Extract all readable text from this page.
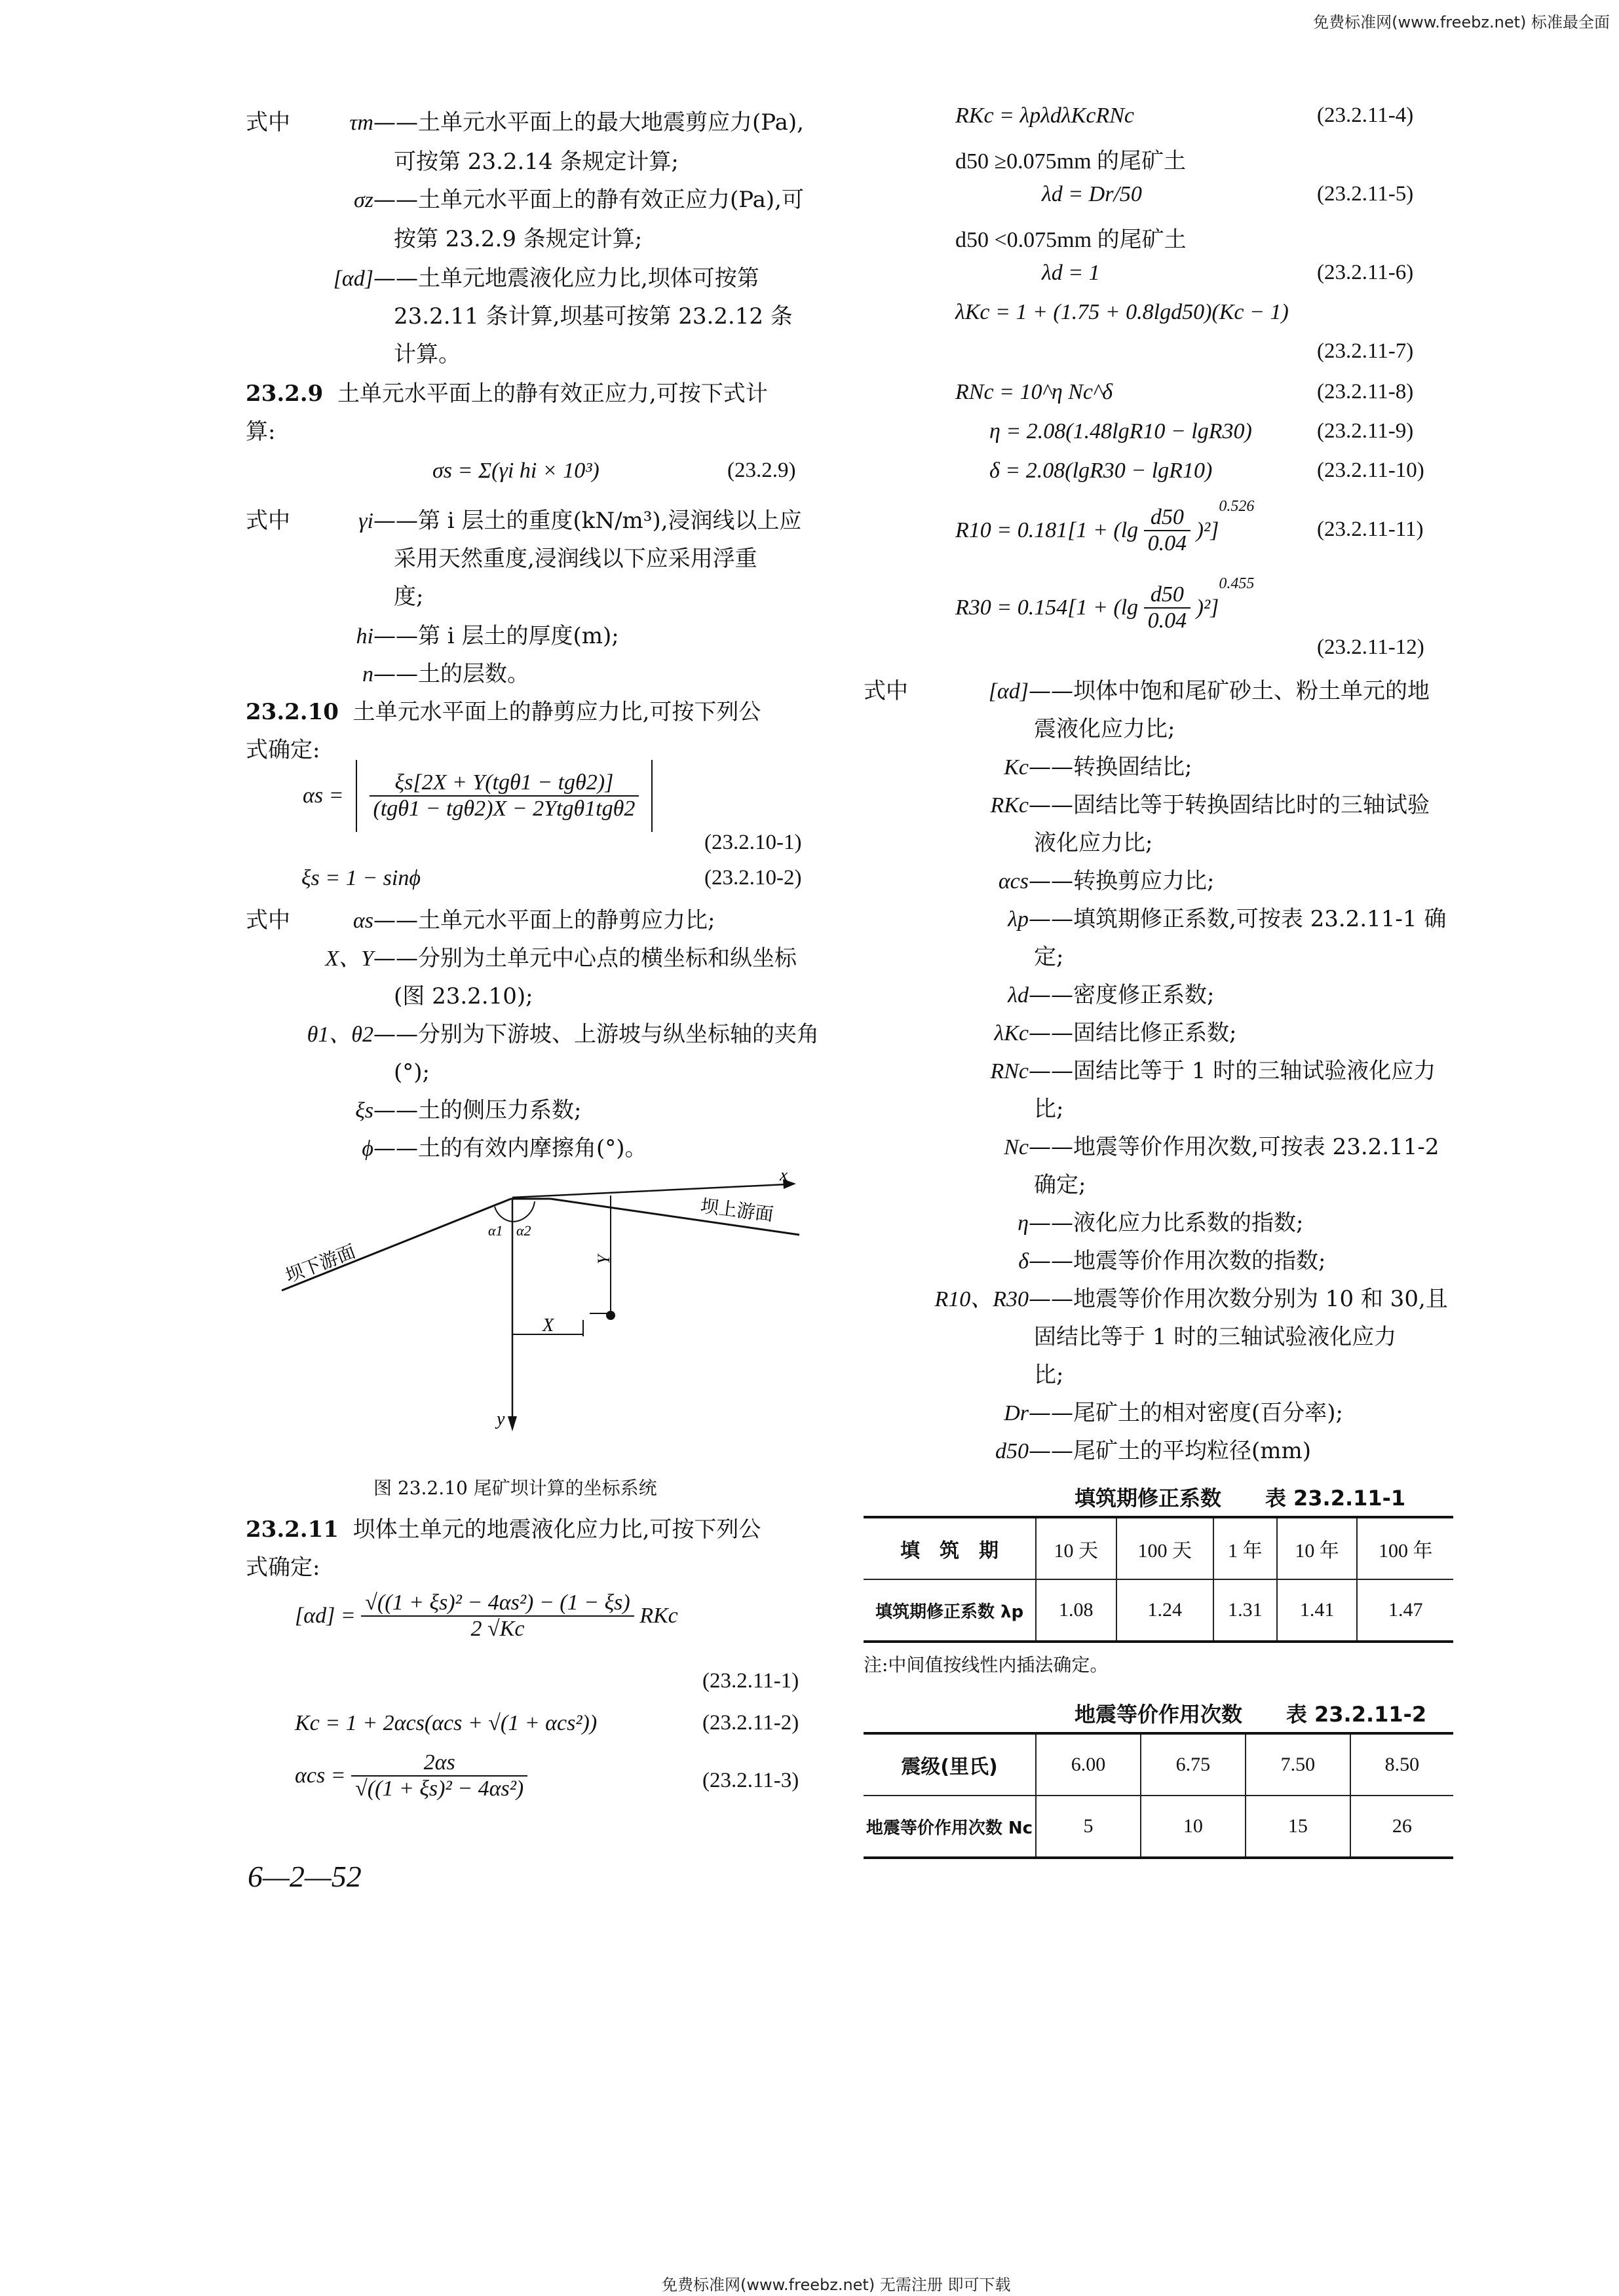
免费标准网(www.freebz.net) 标准最全面
免费标准网(www.freebz.net) 无需注册 即可下载
式中	τm——土单元水平面上的最大地震剪应力(Pa),
可按第 23.2.14 条规定计算;
σz——土单元水平面上的静有效正应力(Pa),可
按第 23.2.9 条规定计算;
[αd]——土单元地震液化应力比,坝体可按第
23.2.11 条计算,坝基可按第 23.2.12 条
计算。
23.2.9 土单元水平面上的静有效正应力,可按下式计
算:
σs = Σ(γi hi × 10³)	(23.2.9)
式中	γi——第 i 层土的重度(kN/m³),浸润线以上应
采用天然重度,浸润线以下应采用浮重
度;
hi——第 i 层土的厚度(m);
n——土的层数。
23.2.10 土单元水平面上的静剪应力比,可按下列公
式确定:
$\alpha s = \frac{\text{ξs[2X + Y(tgθ1 − tgθ2)]}}{\text{(tgθ1 − tgθ2)X − 2Ytgθ1tgθ2}}$

(23.2.10-1)
ξs = 1 − sinϕ	(23.2.10-2)
式中	αs——土单元水平面上的静剪应力比;
X、Y——分别为土单元中心点的横坐标和纵坐标
(图 23.2.10);
θ1、θ2——分别为下游坡、上游坡与纵坐标轴的夹角
(°);
ξs——土的侧压力系数;
ϕ——土的有效内摩擦角(°)。
x
y
α1 α2
Y
X
坝下游面
坝上游面
图 23.2.10 尾矿坝计算的坐标系统
23.2.11 坝体土单元的地震液化应力比,可按下列公
式确定:
$[\alpha d] = \frac{\text{√((1 + ξs)² − 4αs²) − (1 − ξs)}}{2 √Kc}$ RKc
(23.2.11-1)
Kc = 1 + 2αcs(αcs + √(1 + αcs²))	(23.2.11-2)
$\alpha cs = \frac{2\alpha s}{\text{√((1 + ξs)² − 4αs²)}}$	(23.2.11-3)
6—2—52
RKc = λpλdλKcRNc	(23.2.11-4)
d50 ≥0.075mm 的尾矿土
λd = Dr/50	(23.2.11-5)
d50 <0.075mm 的尾矿土
λd = 1	(23.2.11-6)
λKc = 1 + (1.75 + 0.8lgd50)(Kc − 1)
(23.2.11-7)
RNc = 10^η Nc^δ	(23.2.11-8)
η = 2.08(1.48lgR10 − lgR30)	(23.2.11-9)
δ = 2.08(lgR30 − lgR10)	(23.2.11-10)
$R10 = 0.181[1 + (\lg \frac{d50}{0.04} )^2]^{0.526}$
(23.2.11-11)
$R30 = 0.154[1 + (\lg \frac{d50}{0.04} )^2]^{0.455}$
(23.2.11-12)
式中	[αd]——坝体中饱和尾矿砂土、粉土单元的地
震液化应力比;
Kc——转换固结比;
RKc——固结比等于转换固结比时的三轴试验
液化应力比;
αcs——转换剪应力比;
λp——填筑期修正系数,可按表 23.2.11-1 确
定;
λd——密度修正系数;
λKc——固结比修正系数;
RNc——固结比等于 1 时的三轴试验液化应力
比;
Nc——地震等价作用次数,可按表 23.2.11-2
确定;
η——液化应力比系数的指数;
δ——地震等价作用次数的指数;
R10、R30——地震等价作用次数分别为 10 和 30,且
固结比等于 1 时的三轴试验液化应力
比;
Dr——尾矿土的相对密度(百分率);
d50——尾矿土的平均粒径(mm)
填筑期修正系数 表 23.2.11-1
填　筑　期	10 天	100 天	1 年	10 年	100 年
填筑期修正系数 λp	1.08	1.24	1.31	1.41	1.47
注:中间值按线性内插法确定。
地震等价作用次数 表 23.2.11-2
震级(里氏)	6.00	6.75	7.50	8.50
地震等价作用次数 Nc	5	10	15	26
